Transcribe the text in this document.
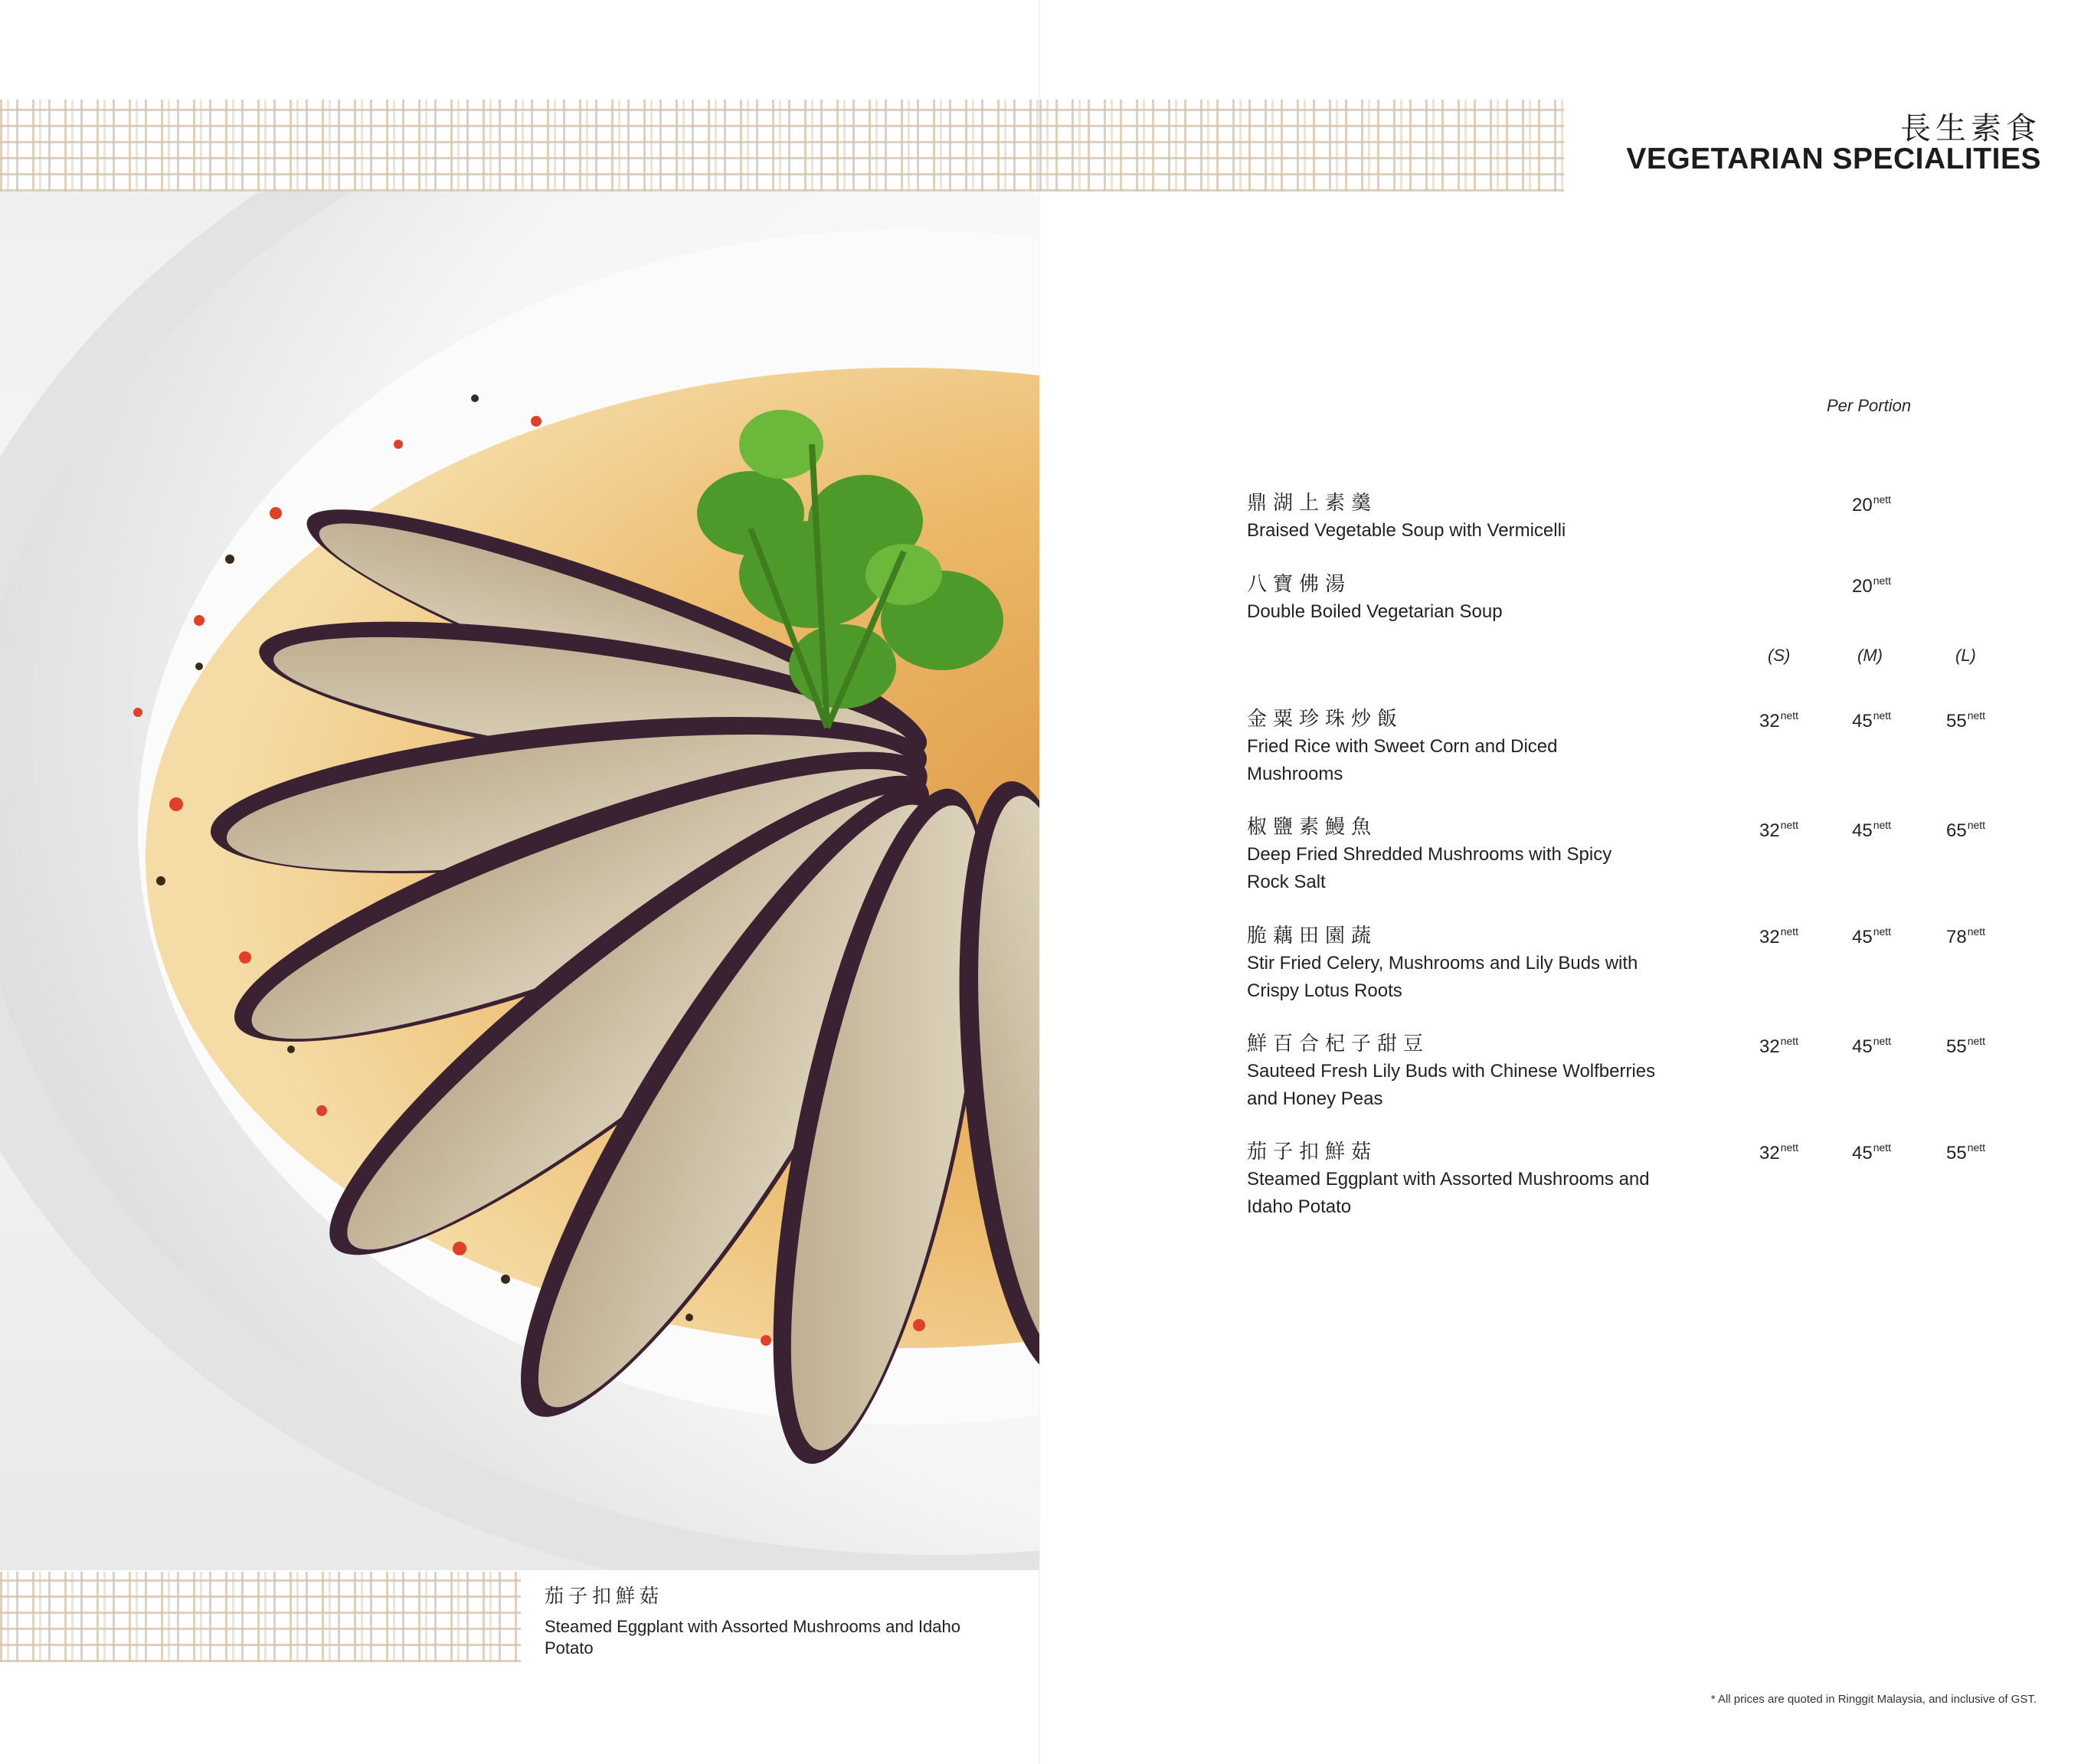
茄子扣鮮菇
Steamed Eggplant with Assorted Mushrooms and Idaho Potato
長生素食
VEGETARIAN SPECIALITIES
Per Portion
(S)	(M)	(L)
鼎湖上素羹
Braised Vegetable Soup with Vermicelli
$20^{nett}$
八寶佛湯
Double Boiled Vegetarian Soup
$20^{nett}$
金粟珍珠炒飯
Fried Rice with Sweet Corn and Diced Mushrooms
$32^{nett}$	$45^{nett}$	$55^{nett}$
椒鹽素鰻魚
Deep Fried Shredded Mushrooms with Spicy Rock Salt
$32^{nett}$	$45^{nett}$	$65^{nett}$
脆藕田園蔬
Stir Fried Celery, Mushrooms and Lily Buds with Crispy Lotus Roots
$32^{nett}$	$45^{nett}$	$78^{nett}$
鮮百合杞子甜豆
Sauteed Fresh Lily Buds with Chinese Wolfberries and Honey Peas
$32^{nett}$	$45^{nett}$	$55^{nett}$
茄子扣鮮菇
Steamed Eggplant with Assorted Mushrooms and Idaho Potato
$32^{nett}$	$45^{nett}$	$55^{nett}$
* All prices are quoted in Ringgit Malaysia, and inclusive of GST.
